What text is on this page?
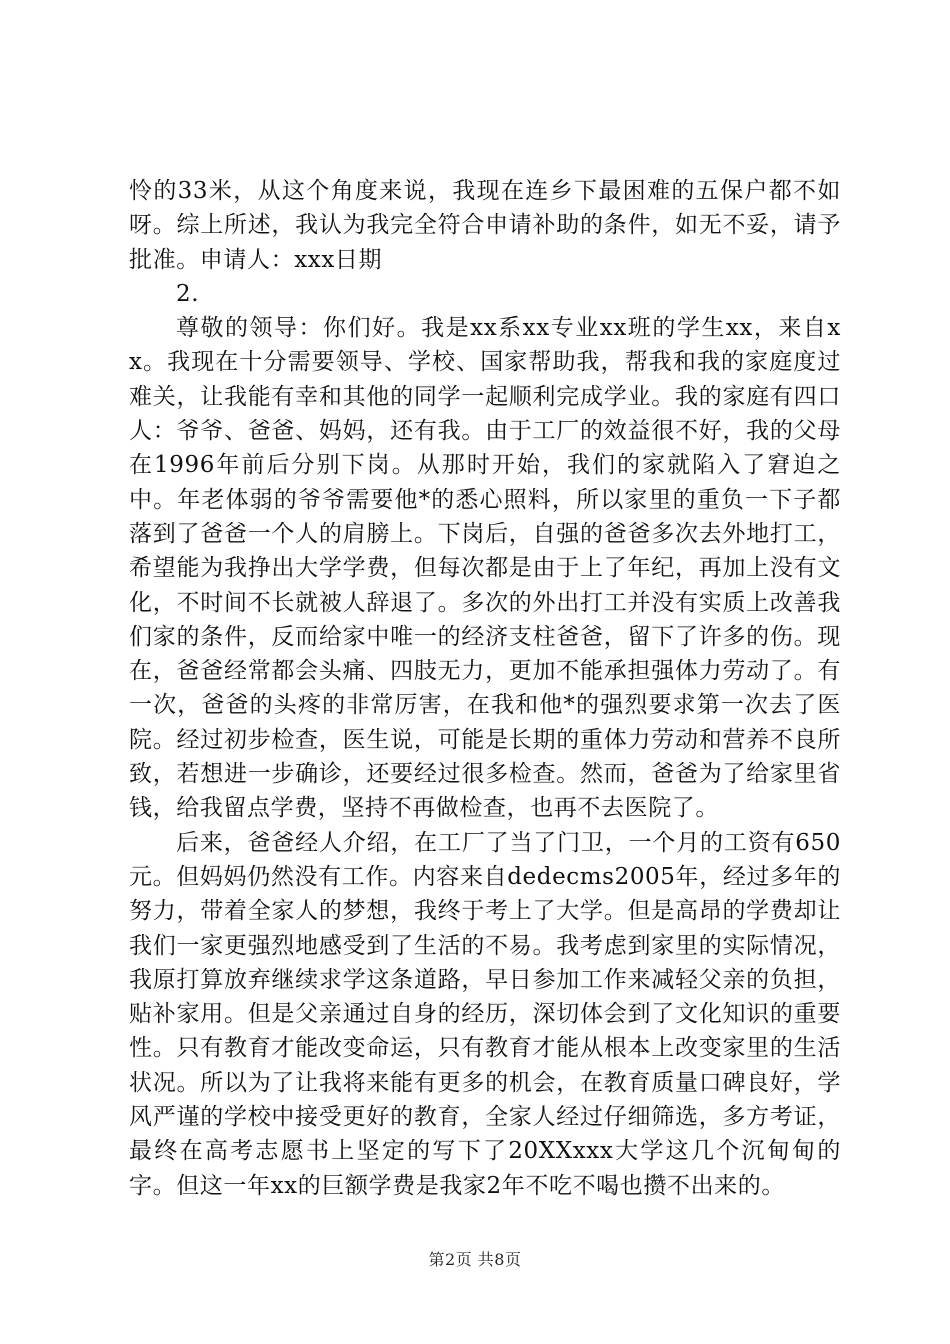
怜的33米，从这个角度来说，我现在连乡下最困难的五保户都不如呀。综上所述，我认为我完全符合申请补助的条件，如无不妥，请予批准。申请人：xxx日期

2.

尊敬的领导：你们好。我是xx系xx专业xx班的学生xx，来自xx。我现在十分需要领导、学校、国家帮助我，帮我和我的家庭度过难关，让我能有幸和其他的同学一起顺利完成学业。我的家庭有四口人：爷爷、爸爸、妈妈，还有我。由于工厂的效益很不好，我的父母在1996年前后分别下岗。从那时开始，我们的家就陷入了窘迫之中。年老体弱的爷爷需要他*的悉心照料，所以家里的重负一下子都落到了爸爸一个人的肩膀上。下岗后，自强的爸爸多次去外地打工，希望能为我挣出大学学费，但每次都是由于上了年纪，再加上没有文化，不时间不长就被人辞退了。多次的外出打工并没有实质上改善我们家的条件，反而给家中唯一的经济支柱爸爸，留下了许多的伤。现在，爸爸经常都会头痛、四肢无力，更加不能承担强体力劳动了。有一次，爸爸的头疼的非常厉害，在我和他*的强烈要求第一次去了医院。经过初步检查，医生说，可能是长期的重体力劳动和营养不良所致，若想进一步确诊，还要经过很多检查。然而，爸爸为了给家里省钱，给我留点学费，坚持不再做检查，也再不去医院了。

后来，爸爸经人介绍，在工厂了当了门卫，一个月的工资有650元。但妈妈仍然没有工作。内容来自dedecms2005年，经过多年的努力，带着全家人的梦想，我终于考上了大学。但是高昂的学费却让我们一家更强烈地感受到了生活的不易。我考虑到家里的实际情况，我原打算放弃继续求学这条道路，早日参加工作来减轻父亲的负担，贴补家用。但是父亲通过自身的经历，深切体会到了文化知识的重要性。只有教育才能改变命运，只有教育才能从根本上改变家里的生活状况。所以为了让我将来能有更多的机会，在教育质量口碑良好，学风严谨的学校中接受更好的教育，全家人经过仔细筛选，多方考证，最终在高考志愿书上坚定的写下了20XXxxx大学这几个沉甸甸的字。但这一年xx的巨额学费是我家2年不吃不喝也攒不出来的。

第2页 共8页
